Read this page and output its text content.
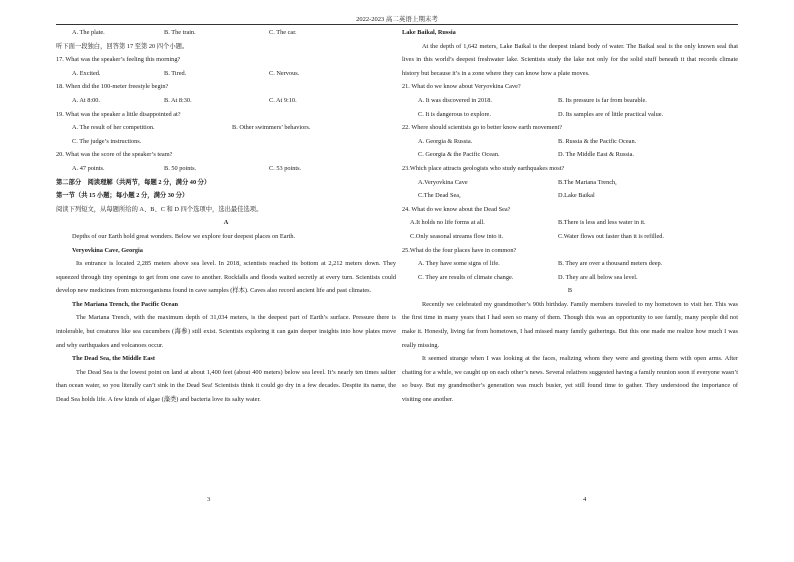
2022-2023 高二英语上期末考
A. The plate.	B. The train.	C. The car.
听下面一段独白，回答第 17 至第 20 四个小题。
17. What was the speaker’s feeling this morning?
A. Excited.	B. Tired.	C. Nervous.
18. When did the 100-meter freestyle begin?
A. At 8:00.	B. At 8:30.	C. At 9:10.
19. What was the speaker a little disappointed at?
A. The result of her competition.	B. Other swimmers’ behaviors.
C. The judge’s instructions.
20. What was the score of the speaker’s team?
A. 47 points.	B. 50 points.	C. 53 points.
第二部分　阅读理解（共两节，每题 2 分，满分 40 分）
第一节（共 15 小题；每小题 2 分，满分 30 分）
阅读下列短文，从每题所给的 A、B、C 和 D 四个选项中，选出最佳选项。
A
Depths of our Earth hold great wonders. Below we explore four deepest places on Earth.
Veryovkina Cave, Georgia
Its entrance is located 2,285 meters above sea level. In 2018, scientists reached its bottom at 2,212 meters down. They squeezed through tiny openings to get from one cave to another. Rockfalls and floods waited secretly at every turn. Scientists could develop new medicines from microorganisms found in cave samples (样本). Caves also record ancient life and past climates.
The Mariana Trench, the Pacific Ocean
The Mariana Trench, with the maximum depth of 31,034 meters, is the deepest part of Earth’s surface. Pressure there is intolerable, but creatures like sea cucumbers (海参) still exist. Scientists exploring it can gain deeper insights into how plates move and why earthquakes and volcanoes occur.
The Dead Sea, the Middle East
The Dead Sea is the lowest point on land at about 1,400 feet (about 400 meters) below sea level. It’s nearly ten times saltier than ocean water, so you literally can’t sink in the Dead Sea! Scientists think it could go dry in a few decades. Despite its name, the Dead Sea holds life. A few kinds of algae (藻类) and bacteria love its salty water.
Lake Baikal, Russia
At the depth of 1,642 meters, Lake Baikal is the deepest inland body of water. The Baikal seal is the only known seal that lives in this world’s deepest freshwater lake. Scientists study the lake not only for the solid stuff beneath it that records climate history but because it’s in a zone where they can know how a plate moves.
21. What do we know about Veryovkina Cave?
A. It was discovered in 2018.	B. Its pressure is far from bearable.
C. It is dangerous to explore.	D. Its samples are of little practical value.
22. Where should scientists go to better know earth movement?
A. Georgia & Russia.	B. Russia & the Pacific Ocean.
C. Georgia & the Pacific Ocean.	D. The Middle East & Russia.
23.Which place attracts geologists who study earthquakes most?
A.Veryovkina Cave	B.The Mariana Trench,
C.The Dead Sea,	D.Lake Baikal
24. What do we know about the Dead Sea?
A.It holds no life forms at all.	B.There is less and less water in it.
C.Only seasonal streams flow into it.	C.Water flows out faster than it is refilled.
25.What do the four places have in common?
A. They have some signs of life.	B. They are over a thousand meters deep.
C. They are results of climate change.	D. They are all below sea level.
B
Recently we celebrated my grandmother’s 90th birthday. Family members traveled to my hometown to visit her. This was the first time in many years that I had seen so many of them. Though this was an opportunity to see family, many people did not make it. Honestly, living far from hometown, I had missed many family gatherings. But this one made me realize how much I was really missing.
It seemed strange when I was looking at the faces, realizing whom they were and greeting them with open arms. After chatting for a while, we caught up on each other’s news. Several relatives suggested having a family reunion soon if everyone wasn’t so busy. But my grandmother’s generation was much busier, yet still found time to gather. They understood the importance of visiting one another.
3	4
